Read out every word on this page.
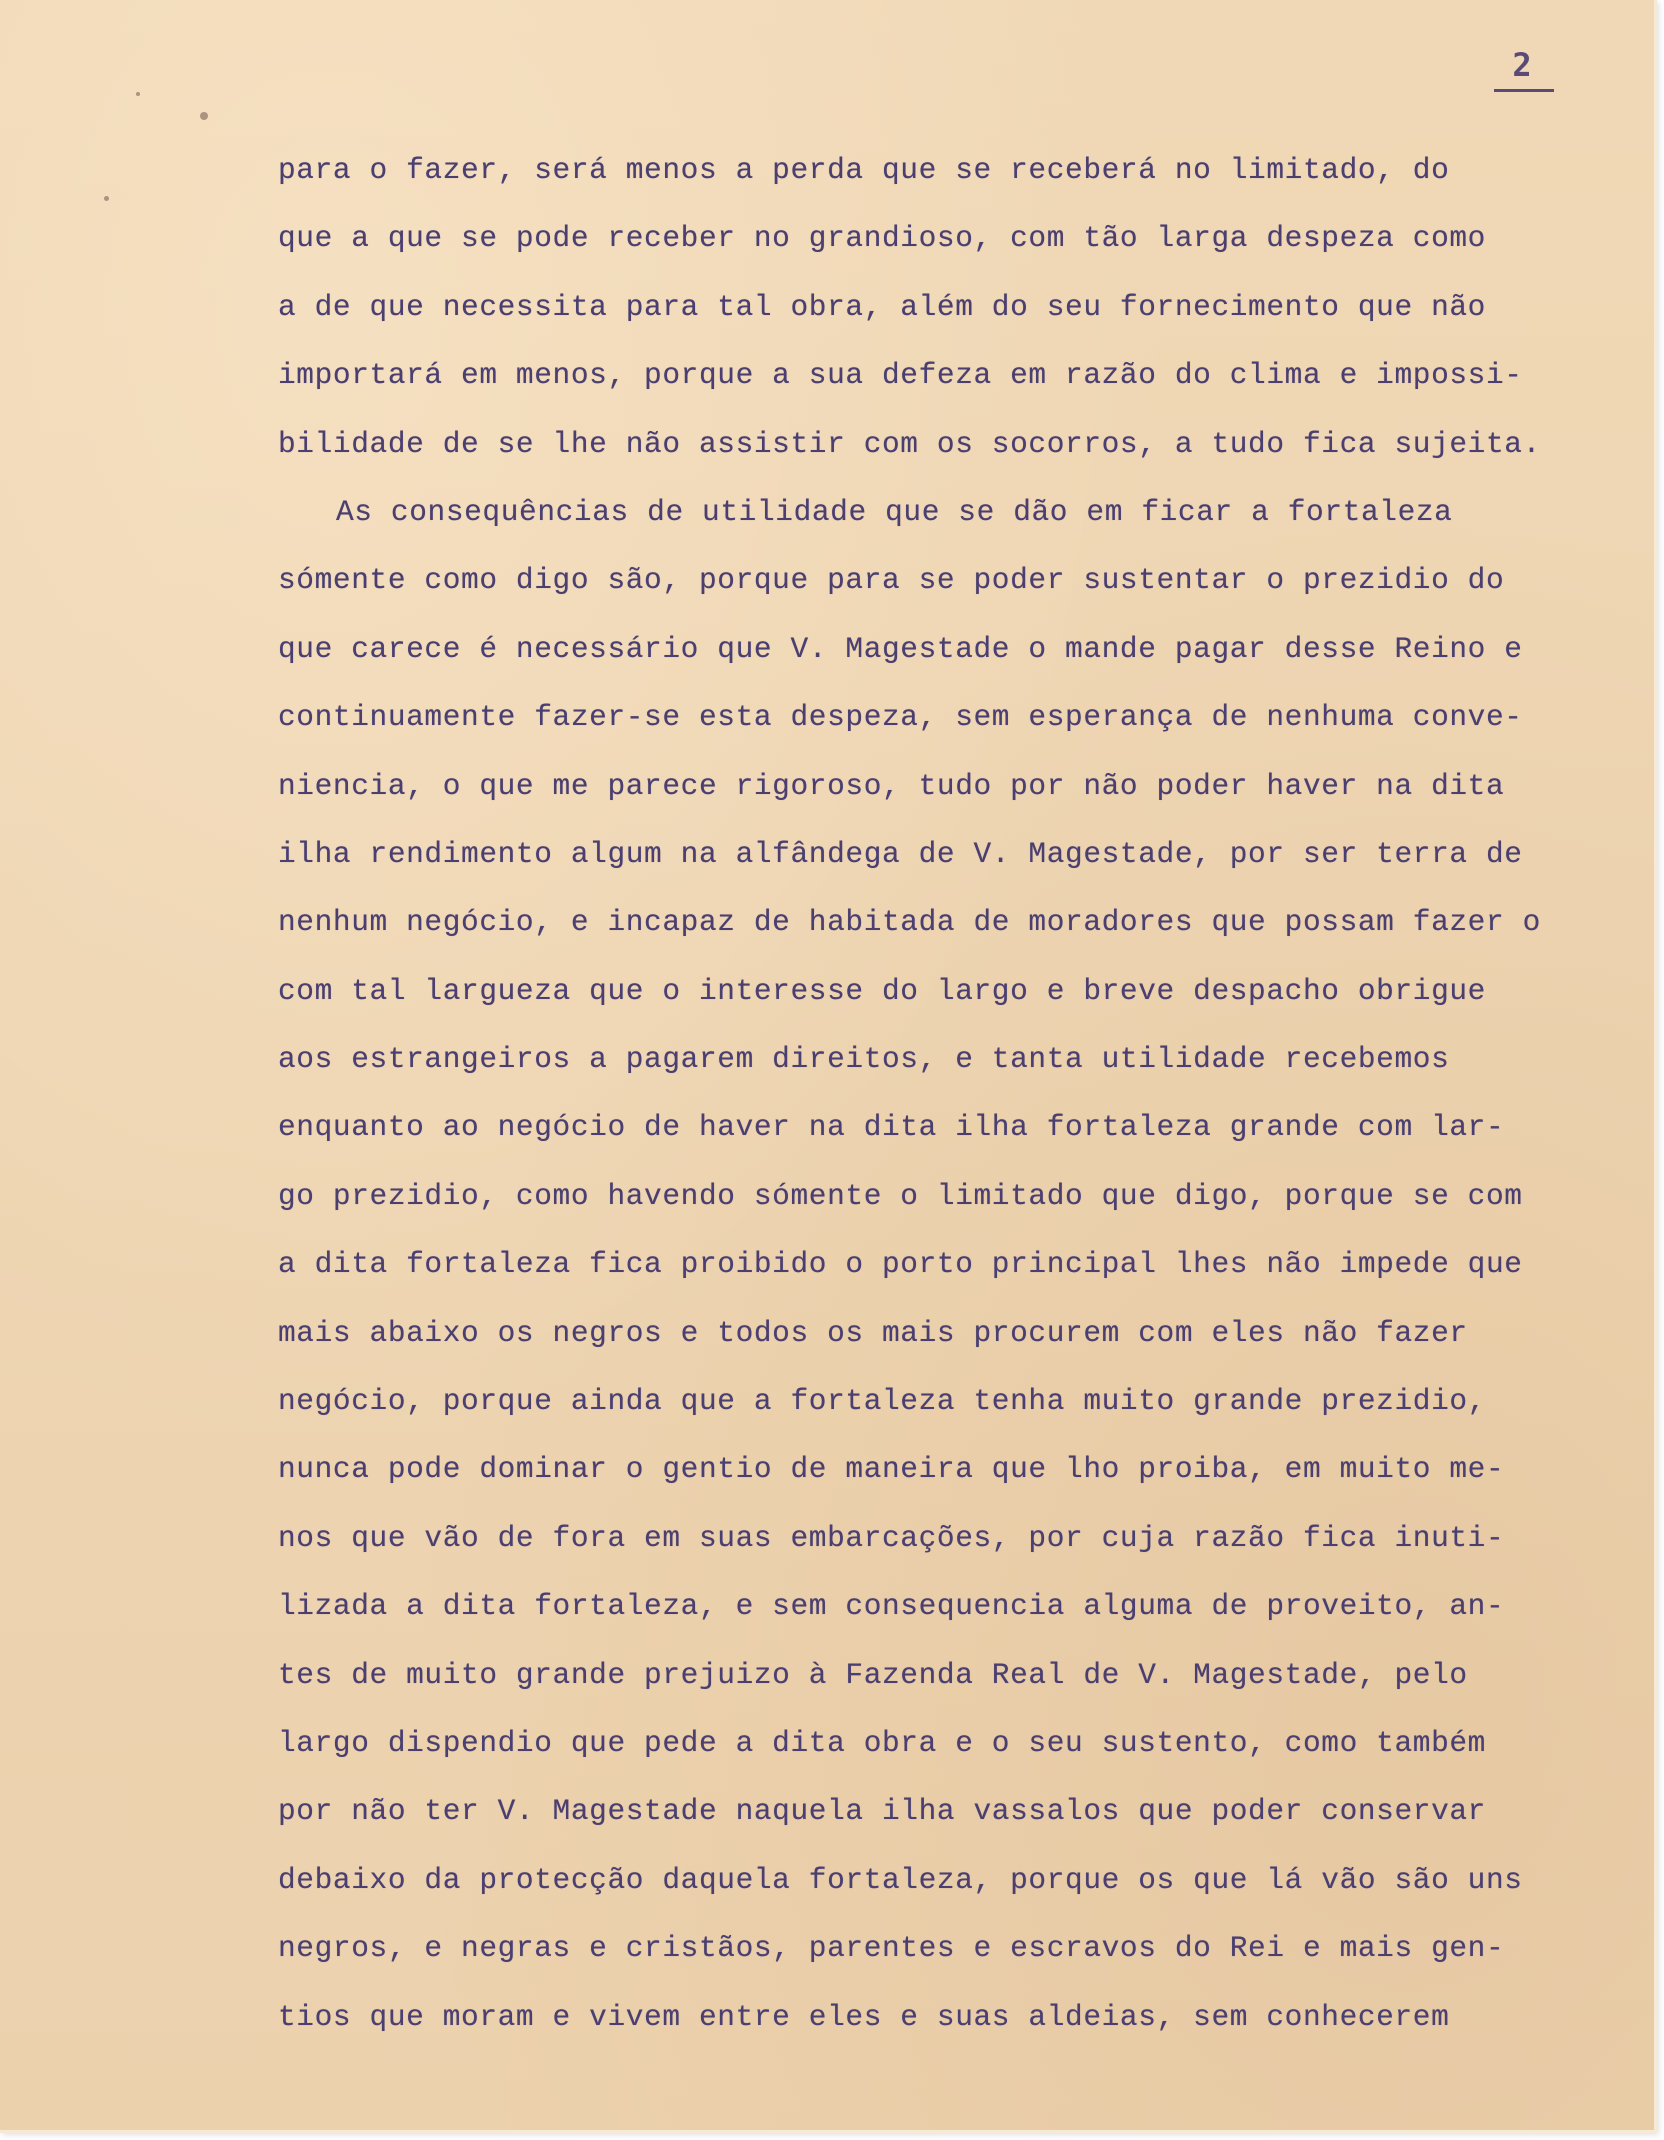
2
para o fazer, será menos a perda que se receberá no limitado, do
que a que se pode receber no grandioso, com tão larga despeza como
a de que necessita para tal obra, além do seu fornecimento que não
importará em menos, porque a sua defeza em razão do clima e impossi-
bilidade de se lhe não assistir com os socorros, a tudo fica sujeita.
As consequências de utilidade que se dão em ficar a fortaleza
sómente como digo são, porque para se poder sustentar o prezidio do
que carece é necessário que V. Magestade o mande pagar desse Reino e
continuamente fazer-se esta despeza, sem esperança de nenhuma conve-
niencia, o que me parece rigoroso, tudo por não poder haver na dita
ilha rendimento algum na alfândega de V. Magestade, por ser terra de
nenhum negócio, e incapaz de habitada de moradores que possam fazer o
com tal largueza que o interesse do largo e breve despacho obrigue
aos estrangeiros a pagarem direitos, e tanta utilidade recebemos
enquanto ao negócio de haver na dita ilha fortaleza grande com lar-
go prezidio, como havendo sómente o limitado que digo, porque se com
a dita fortaleza fica proibido o porto principal lhes não impede que
mais abaixo os negros e todos os mais procurem com eles não fazer
negócio, porque ainda que a fortaleza tenha muito grande prezidio,
nunca pode dominar o gentio de maneira que lho proiba, em muito me-
nos que vão de fora em suas embarcações, por cuja razão fica inuti-
lizada a dita fortaleza, e sem consequencia alguma de proveito, an-
tes de muito grande prejuizo à Fazenda Real de V. Magestade, pelo
largo dispendio que pede a dita obra e o seu sustento, como também
por não ter V. Magestade naquela ilha vassalos que poder conservar
debaixo da protecção daquela fortaleza, porque os que lá vão são uns
negros, e negras e cristãos, parentes e escravos do Rei e mais gen-
tios que moram e vivem entre eles e suas aldeias, sem conhecerem
